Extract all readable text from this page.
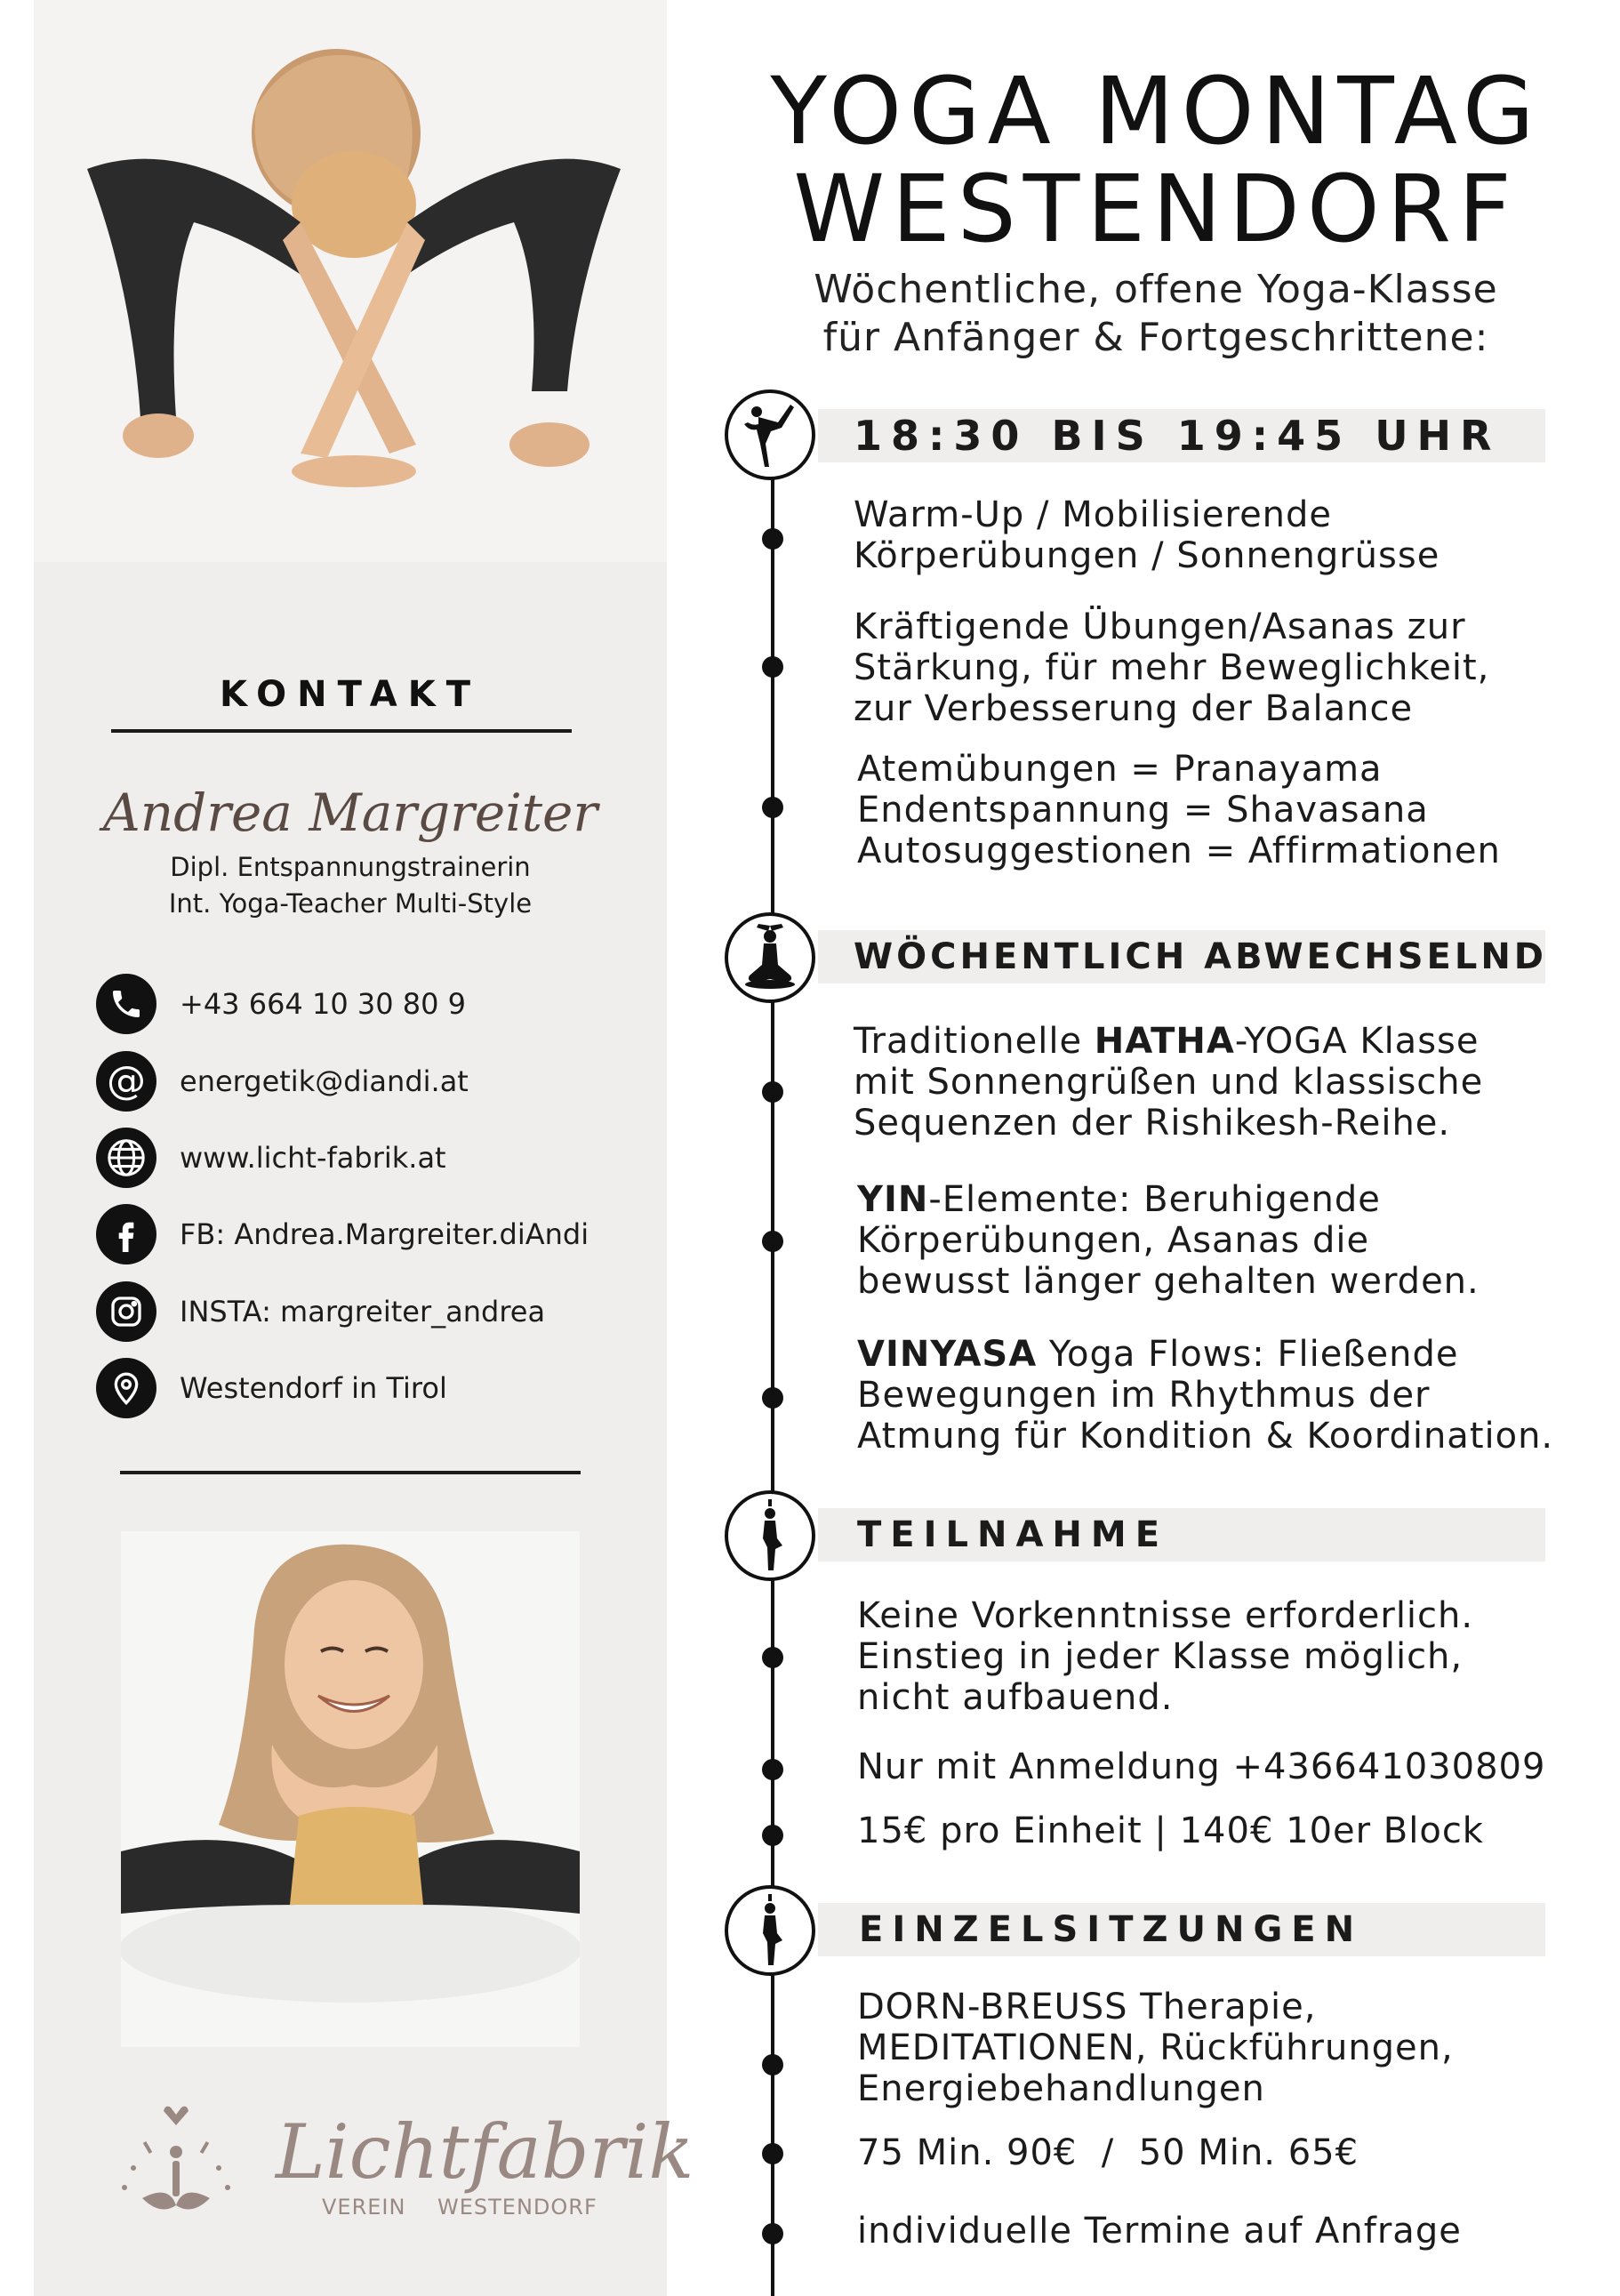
KONTAKT
Andrea Margreiter
Dipl. Entspannungstrainerin
Int. Yoga-Teacher Multi-Style
+43 664 10 30 80 9
@ energetik@diandi.at
www.licht-fabrik.at
FB: Andrea.Margreiter.diAndi
INSTA: margreiter_andrea
Westendorf in Tirol
Lichtfabrik
VEREIN WESTENDORF
YOGA MONTAG
WESTENDORF
Wöchentliche, offene Yoga-Klasse
für Anfänger & Fortgeschrittene:
18:30 BIS 19:45 UHR
Warm-Up / Mobilisierende
Körperübungen / Sonnengrüsse
Kräftigende Übungen/Asanas zur
Stärkung, für mehr Beweglichkeit,
zur Verbesserung der Balance
Atemübungen = Pranayama
Endentspannung = Shavasana
Autosuggestionen = Affirmationen
WÖCHENTLICH ABWECHSELND
Traditionelle HATHA-YOGA Klasse
mit Sonnengrüßen und klassische
Sequenzen der Rishikesh-Reihe.
YIN-Elemente: Beruhigende
Körperübungen, Asanas die
bewusst länger gehalten werden.
VINYASA Yoga Flows: Fließende
Bewegungen im Rhythmus der
Atmung für Kondition & Koordination.
TEILNAHME
Keine Vorkenntnisse erforderlich.
Einstieg in jeder Klasse möglich,
nicht aufbauend.
Nur mit Anmeldung +436641030809
15€ pro Einheit | 140€ 10er Block
EINZELSITZUNGEN
DORN-BREUSS Therapie,
MEDITATIONEN, Rückführungen,
Energiebehandlungen
75 Min. 90€  /  50 Min. 65€
individuelle Termine auf Anfrage
